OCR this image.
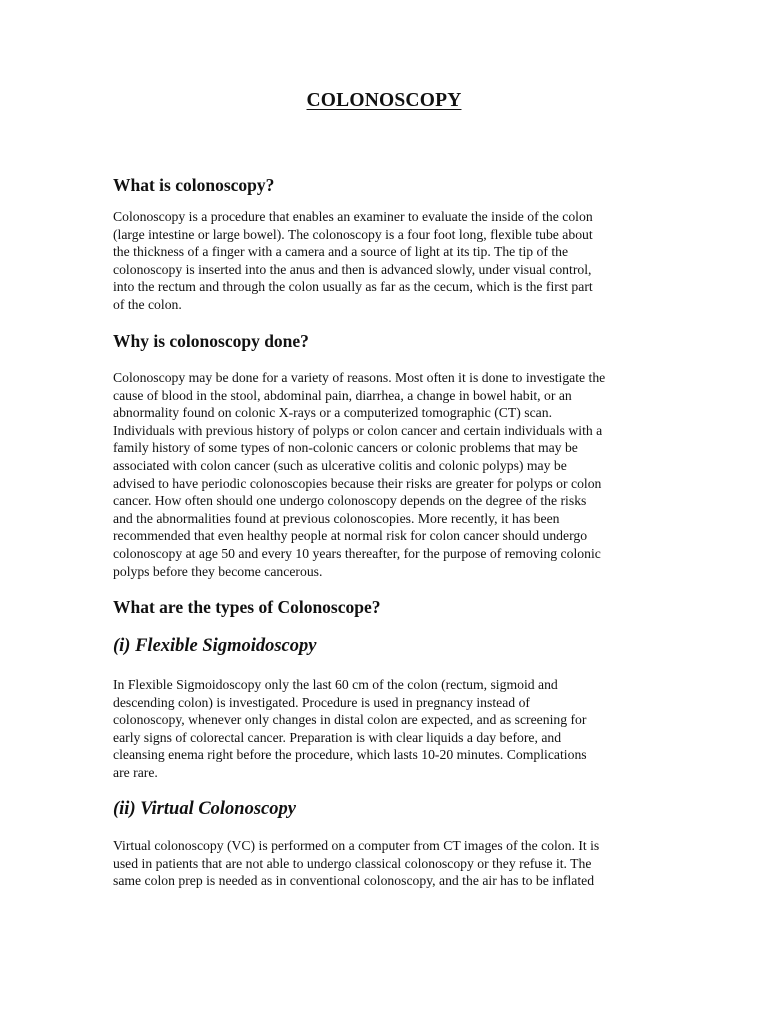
COLONOSCOPY
What is colonoscopy?
Colonoscopy is a procedure that enables an examiner to evaluate the inside of the colon
(large intestine or large bowel). The colonoscopy is a four foot long, flexible tube about
the thickness of a finger with a camera and a source of light at its tip. The tip of the
colonoscopy is inserted into the anus and then is advanced slowly, under visual control,
into the rectum and through the colon usually as far as the cecum, which is the first part
of the colon.
Why is colonoscopy done?
Colonoscopy may be done for a variety of reasons. Most often it is done to investigate the
cause of blood in the stool, abdominal pain, diarrhea, a change in bowel habit, or an
abnormality found on colonic X-rays or a computerized tomographic (CT) scan.
Individuals with previous history of polyps or colon cancer and certain individuals with a
family history of some types of non-colonic cancers or colonic problems that may be
associated with colon cancer (such as ulcerative colitis and colonic polyps) may be
advised to have periodic colonoscopies because their risks are greater for polyps or colon
cancer. How often should one undergo colonoscopy depends on the degree of the risks
and the abnormalities found at previous colonoscopies. More recently, it has been
recommended that even healthy people at normal risk for colon cancer should undergo
colonoscopy at age 50 and every 10 years thereafter, for the purpose of removing colonic
polyps before they become cancerous.
What are the types of Colonoscope?
(i) Flexible Sigmoidoscopy
In Flexible Sigmoidoscopy only the last 60 cm of the colon (rectum, sigmoid and
descending colon) is investigated. Procedure is used in pregnancy instead of
colonoscopy, whenever only changes in distal colon are expected, and as screening for
early signs of colorectal cancer. Preparation is with clear liquids a day before, and
cleansing enema right before the procedure, which lasts 10-20 minutes. Complications
are rare.
(ii) Virtual Colonoscopy
Virtual colonoscopy (VC) is performed on a computer from CT images of the colon. It is
used in patients that are not able to undergo classical colonoscopy or they refuse it. The
same colon prep is needed as in conventional colonoscopy, and the air has to be inflated
